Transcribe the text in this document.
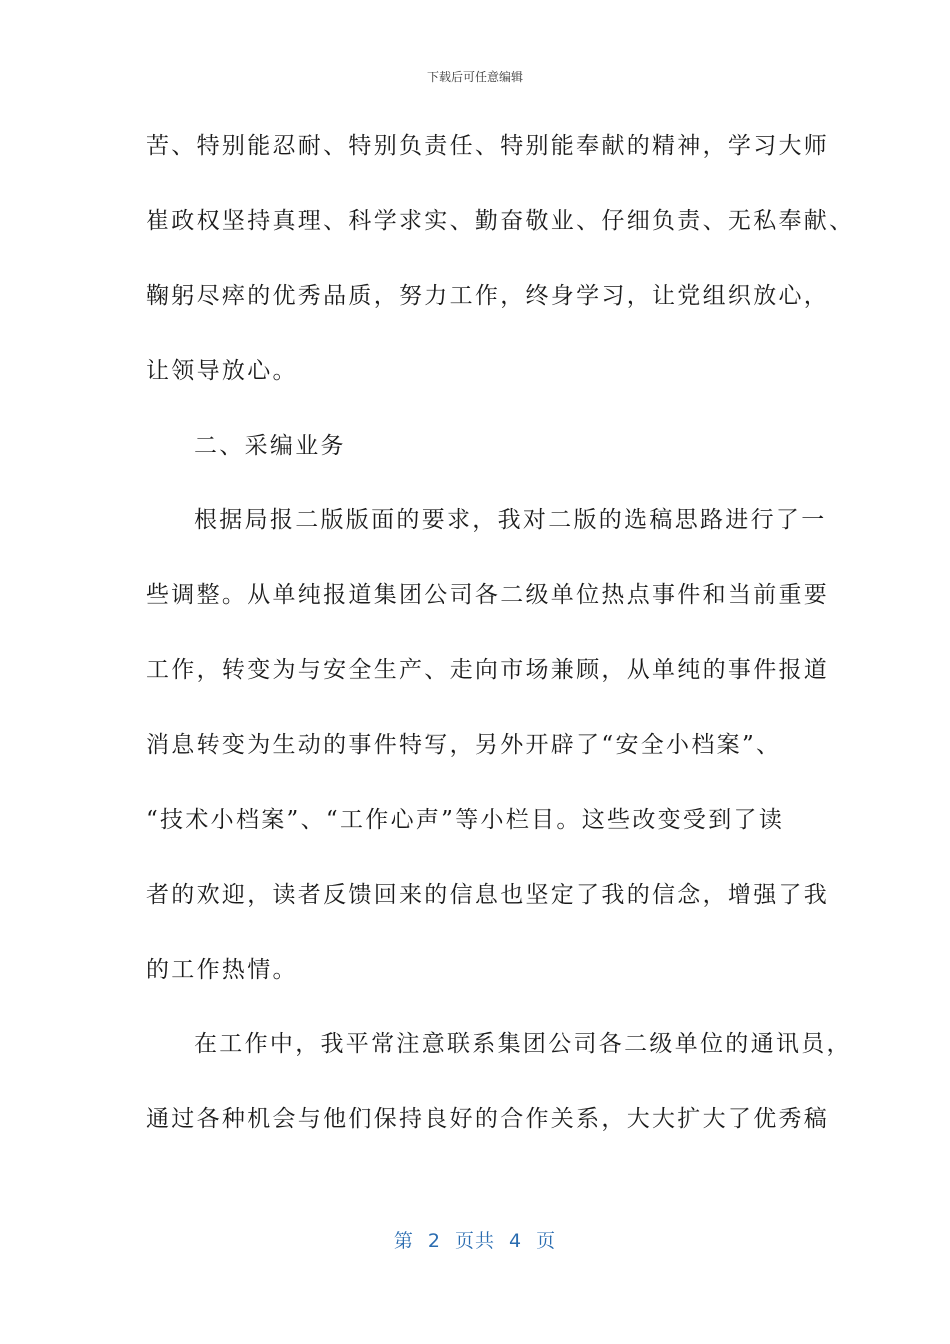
下载后可任意编辑
苦、特别能忍耐、特别负责任、特别能奉献的精神，学习大师
崔政权坚持真理、科学求实、勤奋敬业、仔细负责、无私奉献、
鞠躬尽瘁的优秀品质，努力工作，终身学习，让党组织放心，
让领导放心。
二、采编业务
根据局报二版版面的要求，我对二版的选稿思路进行了一
些调整。从单纯报道集团公司各二级单位热点事件和当前重要
工作，转变为与安全生产、走向市场兼顾，从单纯的事件报道
消息转变为生动的事件特写，另外开辟了“安全小档案”、
“技术小档案”、“工作心声”等小栏目。这些改变受到了读
者的欢迎，读者反馈回来的信息也坚定了我的信念，增强了我
的工作热情。
在工作中，我平常注意联系集团公司各二级单位的通讯员，
通过各种机会与他们保持良好的合作关系，大大扩大了优秀稿
第 2 页共 4 页
